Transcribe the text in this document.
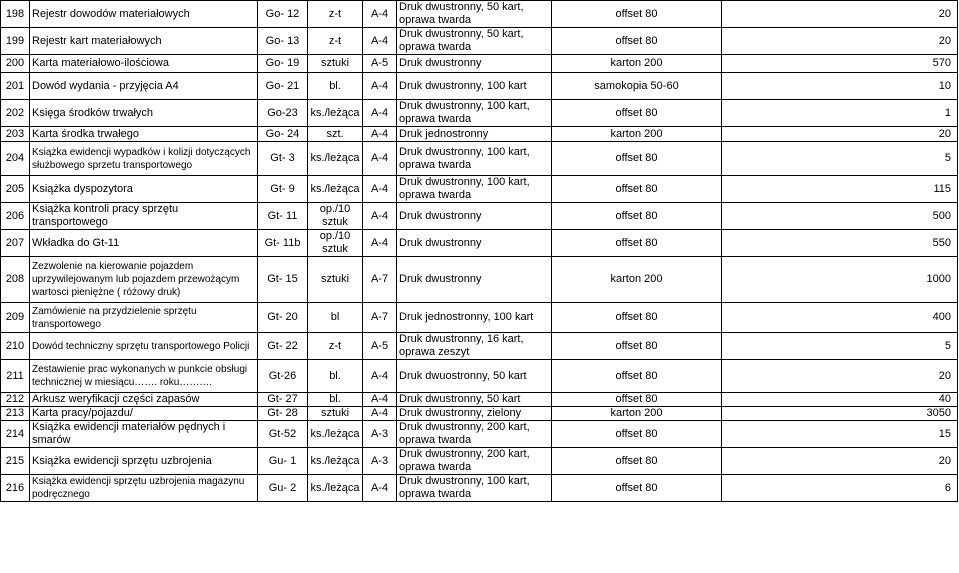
198	Rejestr dowodów materiałowych	Go- 12	z-t	A-4	Druk dwustronny, 50 kart, oprawa twarda	offset 80	20
199	Rejestr kart materiałowych	Go- 13	z-t	A-4	Druk dwustronny, 50 kart, oprawa twarda	offset 80	20
200	Karta materiałowo-ilościowa	Go- 19	sztuki	A-5	Druk dwustronny	karton 200	570
201	Dowód wydania - przyjęcia A4	Go- 21	bl.	A-4	Druk dwustronny, 100 kart	samokopia 50-60	10
202	Księga środków trwałych	Go-23	ks./leżąca	A-4	Druk dwustronny, 100 kart, oprawa twarda	offset 80	1
203	Karta środka trwałego	Go- 24	szt.	A-4	Druk jednostronny	karton 200	20
204	Książka ewidencji wypadków i kolizji dotyczących służbowego sprzetu transportowego	Gt- 3	ks./leżąca	A-4	Druk dwustronny, 100 kart, oprawa twarda	offset 80	5
205	Książka dyspozytora	Gt- 9	ks./leżąca	A-4	Druk dwustronny, 100 kart, oprawa twarda	offset 80	115
206	Książka kontroli pracy sprzętu transportowego	Gt- 11	op./10 sztuk	A-4	Druk dwustronny	offset 80	500
207	Wkładka do Gt-11	Gt- 11b	op./10 sztuk	A-4	Druk dwustronny	offset 80	550
208	Zezwolenie na kierowanie pojazdem uprzywilejowanym lub pojazdem przewożącym wartosci pieniężne ( różowy druk)	Gt- 15	sztuki	A-7	Druk dwustronny	karton 200	1000
209	Zamówienie na przydzielenie sprzętu transportowego	Gt- 20	bl	A-7	Druk jednostronny, 100 kart	offset 80	400
210	Dowód techniczny sprzętu transportowego Policji	Gt- 22	z-t	A-5	Druk dwustronny, 16 kart, oprawa zeszyt	offset 80	5
211	Zestawienie prac wykonanych w punkcie obsługi technicznej w miesiącu……. roku……….	Gt-26	bl.	A-4	Druk dwuostronny, 50 kart	offset 80	20
212	Arkusz weryfikacji części zapasów	Gt- 27	bl.	A-4	Druk dwustronny, 50 kart	offset 80	40
213	Karta pracy/pojazdu/	Gt- 28	sztuki	A-4	Druk dwustronny, zielony	karton 200	3050
214	Książka ewidencji materiałów pędnych i smarów	Gt-52	ks./leżąca	A-3	Druk dwustronny, 200 kart, oprawa twarda	offset 80	15
215	Książka ewidencji sprzętu uzbrojenia	Gu- 1	ks./leżąca	A-3	Druk dwustronny, 200 kart, oprawa twarda	offset 80	20
216	Książka ewidencji sprzętu uzbrojenia magazynu podręcznego	Gu- 2	ks./leżąca	A-4	Druk dwustronny, 100 kart, oprawa twarda	offset 80	6
